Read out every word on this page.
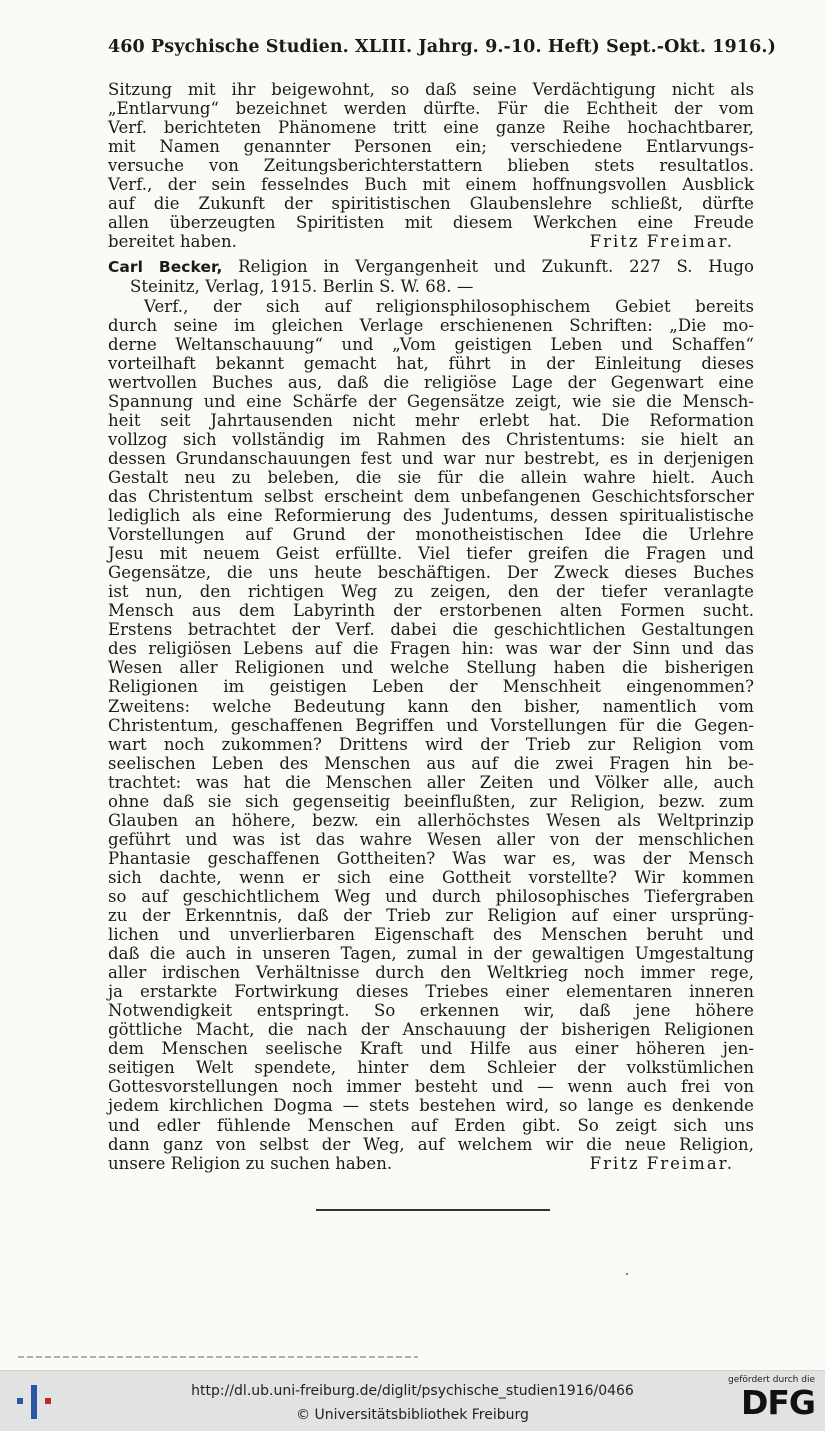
460 Psychische Studien. XLIII. Jahrg. 9.-10. Heft) Sept.-Okt. 1916.)
Sitzung mit ihr beigewohnt, so daß seine Verdächtigung nicht als
„Entlarvung“ bezeichnet werden dürfte. Für die Echtheit der vom
Verf. berichteten Phänomene tritt eine ganze Reihe hochachtbarer,
mit Namen genannter Personen ein; verschiedene Entlarvungs-
versuche von Zeitungsberichterstattern blieben stets resultatlos.
Verf., der sein fesselndes Buch mit einem hoffnungsvollen Ausblick
auf die Zukunft der spiritistischen Glaubenslehre schließt, dürfte
allen überzeugten Spiritisten mit diesem Werkchen eine Freude
bereitet haben.	Fritz Freimar.
Carl Becker, Religion in Vergangenheit und Zukunft. 227 S. Hugo
Steinitz, Verlag, 1915. Berlin S. W. 68. —
Verf., der sich auf religionsphilosophischem Gebiet bereits
durch seine im gleichen Verlage erschienenen Schriften: „Die mo-
derne Weltanschauung“ und „Vom geistigen Leben und Schaffen“
vorteilhaft bekannt gemacht hat, führt in der Einleitung dieses
wertvollen Buches aus, daß die religiöse Lage der Gegenwart eine
Spannung und eine Schärfe der Gegensätze zeigt, wie sie die Mensch-
heit seit Jahrtausenden nicht mehr erlebt hat. Die Reformation
vollzog sich vollständig im Rahmen des Christentums: sie hielt an
dessen Grundanschauungen fest und war nur bestrebt, es in derjenigen
Gestalt neu zu beleben, die sie für die allein wahre hielt. Auch
das Christentum selbst erscheint dem unbefangenen Geschichtsforscher
lediglich als eine Reformierung des Judentums, dessen spiritualistische
Vorstellungen auf Grund der monotheistischen Idee die Urlehre
Jesu mit neuem Geist erfüllte. Viel tiefer greifen die Fragen und
Gegensätze, die uns heute beschäftigen. Der Zweck dieses Buches
ist nun, den richtigen Weg zu zeigen, den der tiefer veranlagte
Mensch aus dem Labyrinth der erstorbenen alten Formen sucht.
Erstens betrachtet der Verf. dabei die geschichtlichen Gestaltungen
des religiösen Lebens auf die Fragen hin: was war der Sinn und das
Wesen aller Religionen und welche Stellung haben die bisherigen
Religionen im geistigen Leben der Menschheit eingenommen?
Zweitens: welche Bedeutung kann den bisher, namentlich vom
Christentum, geschaffenen Begriffen und Vorstellungen für die Gegen-
wart noch zukommen? Drittens wird der Trieb zur Religion vom
seelischen Leben des Menschen aus auf die zwei Fragen hin be-
trachtet: was hat die Menschen aller Zeiten und Völker alle, auch
ohne daß sie sich gegenseitig beeinflußten, zur Religion, bezw. zum
Glauben an höhere, bezw. ein allerhöchstes Wesen als Weltprinzip
geführt und was ist das wahre Wesen aller von der menschlichen
Phantasie geschaffenen Gottheiten? Was war es, was der Mensch
sich dachte, wenn er sich eine Gottheit vorstellte? Wir kommen
so auf geschichtlichem Weg und durch philosophisches Tiefergraben
zu der Erkenntnis, daß der Trieb zur Religion auf einer ursprüng-
lichen und unverlierbaren Eigenschaft des Menschen beruht und
daß die auch in unseren Tagen, zumal in der gewaltigen Umgestaltung
aller irdischen Verhältnisse durch den Weltkrieg noch immer rege,
ja erstarkte Fortwirkung dieses Triebes einer elementaren inneren
Notwendigkeit entspringt. So erkennen wir, daß jene höhere
göttliche Macht, die nach der Anschauung der bisherigen Religionen
dem Menschen seelische Kraft und Hilfe aus einer höheren jen-
seitigen Welt spendete, hinter dem Schleier der volkstümlichen
Gottesvorstellungen noch immer besteht und — wenn auch frei von
jedem kirchlichen Dogma — stets bestehen wird, so lange es denkende
und edler fühlende Menschen auf Erden gibt. So zeigt sich uns
dann ganz von selbst der Weg, auf welchem wir die neue Religion,
unsere Religion zu suchen haben.	Fritz Freimar.
http://dl.ub.uni-freiburg.de/diglit/psychische_studien1916/0466
© Universitätsbibliothek Freiburg
gefördert durch die
DFG
